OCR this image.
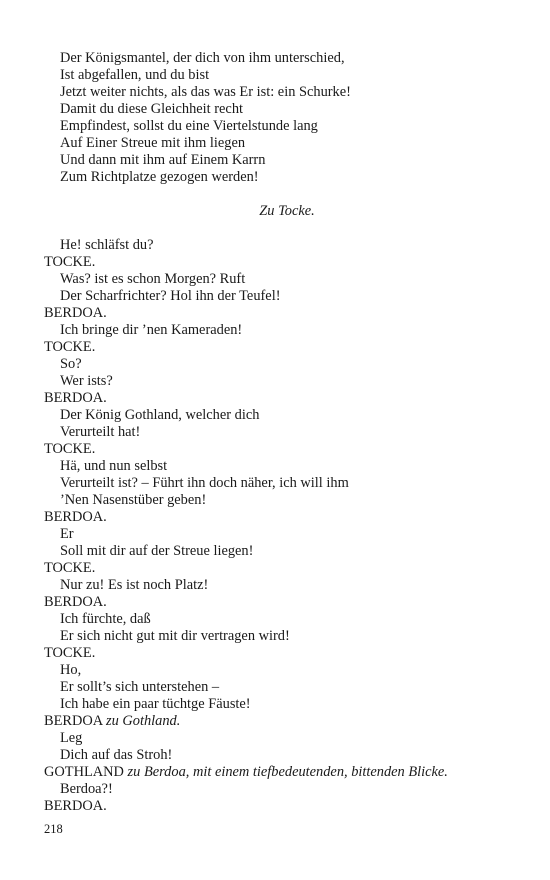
Der Königsmantel, der dich von ihm unterschied,
Ist abgefallen, und du bist
Jetzt weiter nichts, als das was Er ist: ein Schurke!
Damit du diese Gleichheit recht
Empfindest, sollst du eine Viertelstunde lang
Auf Einer Streue mit ihm liegen
Und dann mit ihm auf Einem Karrn
Zum Richtplatze gezogen werden!
Zu Tocke.
He! schläfst du?
TOCKE.
Was? ist es schon Morgen? Ruft
Der Scharfrichter? Hol ihn der Teufel!
BERDOA.
Ich bringe dir ’nen Kameraden!
TOCKE.
So?
Wer ists?
BERDOA.
Der König Gothland, welcher dich
Verurteilt hat!
TOCKE.
Hä, und nun selbst
Verurteilt ist? – Führt ihn doch näher, ich will ihm
’Nen Nasenstüber geben!
BERDOA.
Er
Soll mit dir auf der Streue liegen!
TOCKE.
Nur zu! Es ist noch Platz!
BERDOA.
Ich fürchte, daß
Er sich nicht gut mit dir vertragen wird!
TOCKE.
Ho,
Er sollt’s sich unterstehen –
Ich habe ein paar tüchtge Fäuste!
BERDOA zu Gothland.
Leg
Dich auf das Stroh!
GOTHLAND zu Berdoa, mit einem tiefbedeutenden, bittenden Blicke.
Berdoa?!
BERDOA.
218
